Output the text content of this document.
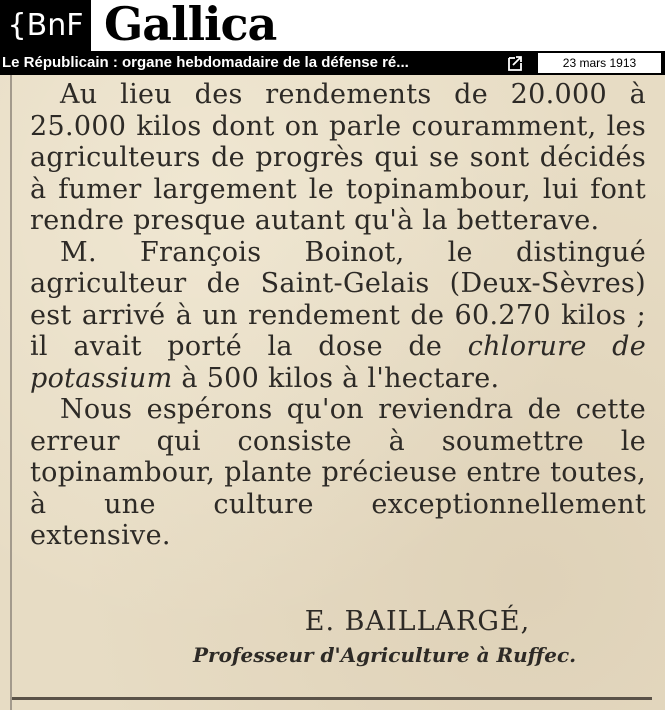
{BnF Gallica
Le Républicain : organe hebdomadaire de la défense ré...	23 mars 1913

Au lieu des rendements de 20.000 à 25.000 kilos dont on parle couramment, les agriculteurs de progrès qui se sont décidés à fumer largement le topinambour, lui font rendre presque autant qu'à la betterave.

M. François Boinot, le distingué agriculteur de Saint-Gelais (Deux-Sèvres) est arrivé à un rendement de 60.270 kilos ; il avait porté la dose de chlorure de potassium à 500 kilos à l'hectare.

Nous espérons qu'on reviendra de cette erreur qui consiste à soumettre le topinambour, plante précieuse entre toutes, à une culture exceptionnellement extensive.

E. BAILLARGÉ,
Professeur d'Agriculture à Ruffec.
